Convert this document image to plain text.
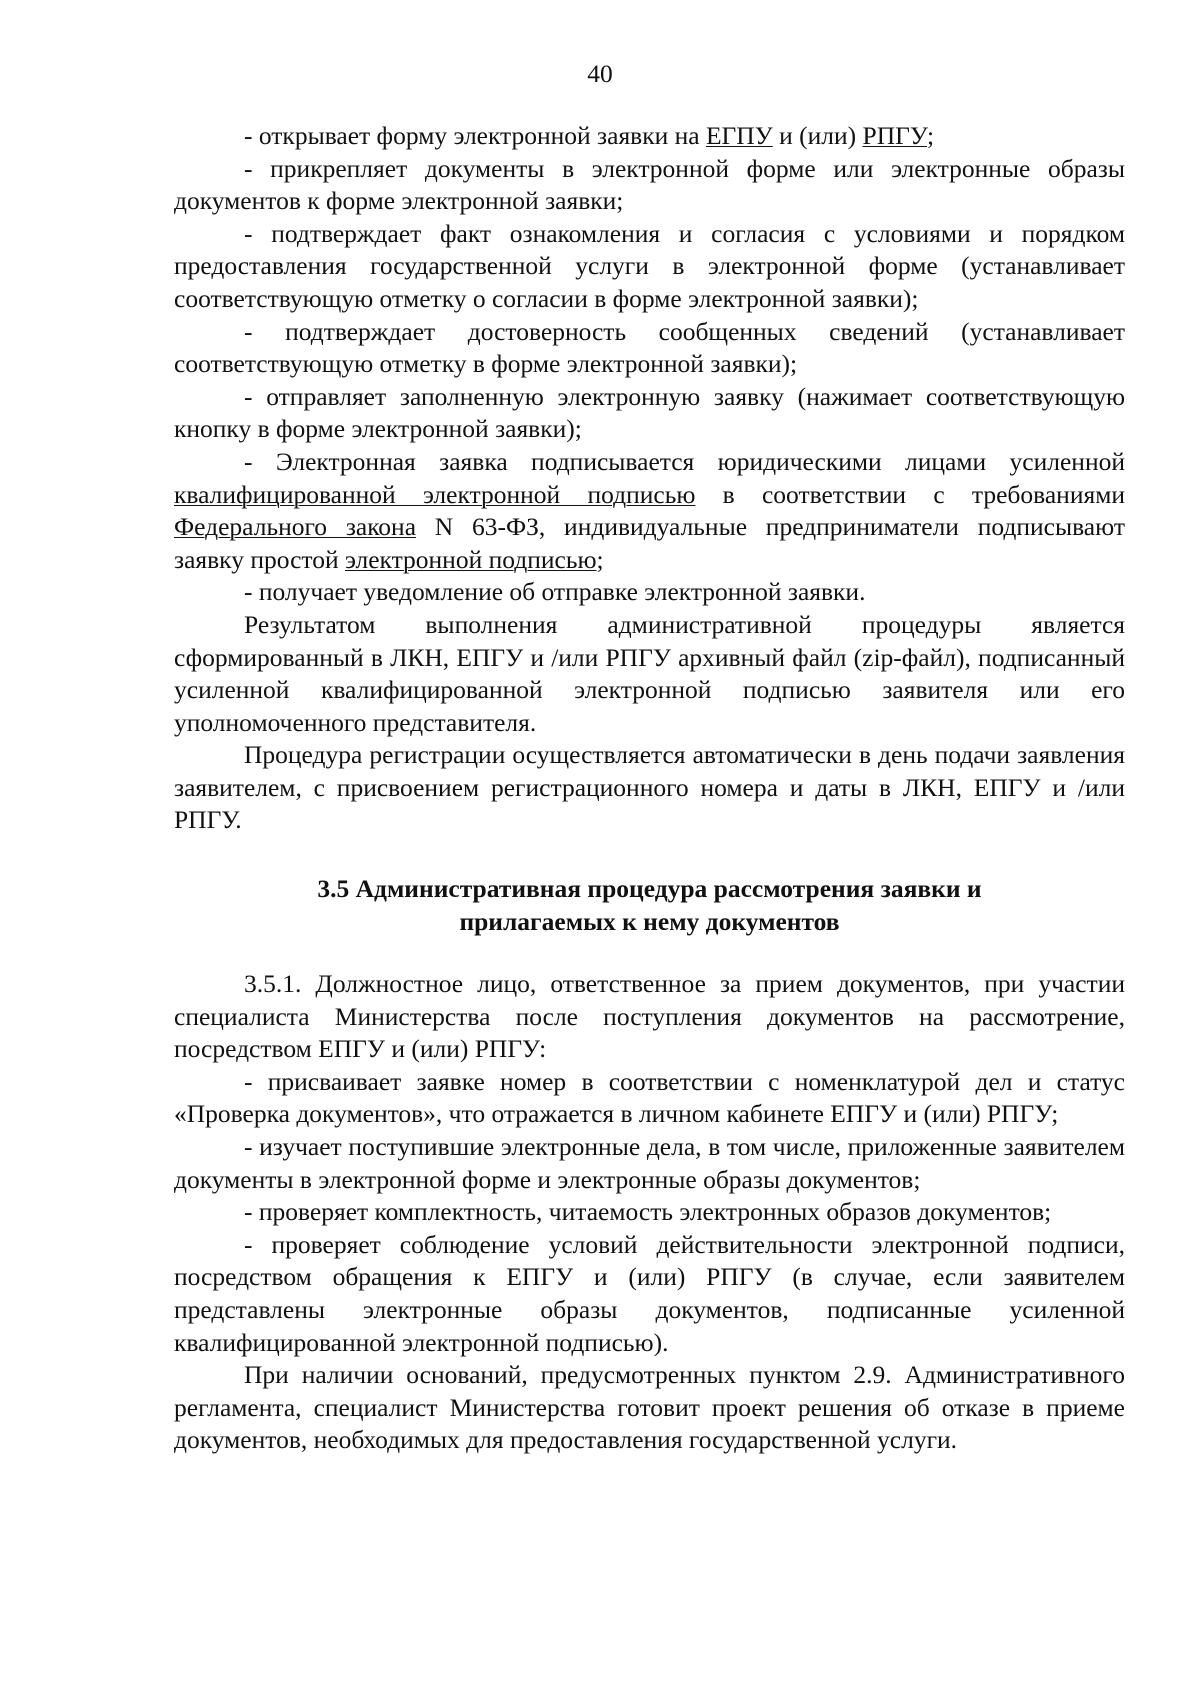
40

- открывает форму электронной заявки на ЕГПУ и (или) РПГУ;

- прикрепляет документы в электронной форме или электронные образы документов к форме электронной заявки;

- подтверждает факт ознакомления и согласия с условиями и порядком предоставления государственной услуги в электронной форме (устанавливает соответствующую отметку о согласии в форме электронной заявки);

- подтверждает достоверность сообщенных сведений (устанавливает соответствующую отметку в форме электронной заявки);

- отправляет заполненную электронную заявку (нажимает соответствующую кнопку в форме электронной заявки);

- Электронная заявка подписывается юридическими лицами усиленной квалифицированной электронной подписью в соответствии с требованиями Федерального закона N 63-ФЗ, индивидуальные предприниматели подписывают заявку простой электронной подписью;

- получает уведомление об отправке электронной заявки.

Результатом выполнения административной процедуры является сформированный в ЛКН, ЕПГУ и /или РПГУ архивный файл (zip-файл), подписанный усиленной квалифицированной электронной подписью заявителя или его уполномоченного представителя.

Процедура регистрации осуществляется автоматически в день подачи заявления заявителем, с присвоением регистрационного номера и даты в ЛКН, ЕПГУ и /или РПГУ.

3.5 Административная процедура рассмотрения заявки и

прилагаемых к нему документов

3.5.1. Должностное лицо, ответственное за прием документов, при участии специалиста Министерства после поступления документов на рассмотрение, посредством ЕПГУ и (или) РПГУ:

- присваивает заявке номер в соответствии с номенклатурой дел и статус «Проверка документов», что отражается в личном кабинете ЕПГУ и (или) РПГУ;

- изучает поступившие электронные дела, в том числе, приложенные заявителем документы в электронной форме и электронные образы документов;

- проверяет комплектность, читаемость электронных образов документов;

- проверяет соблюдение условий действительности электронной подписи, посредством обращения к ЕПГУ и (или) РПГУ (в случае, если заявителем представлены электронные образы документов, подписанные усиленной квалифицированной электронной подписью).

При наличии оснований, предусмотренных пунктом 2.9. Административного регламента, специалист Министерства готовит проект решения об отказе в приеме документов, необходимых для предоставления государственной услуги.
